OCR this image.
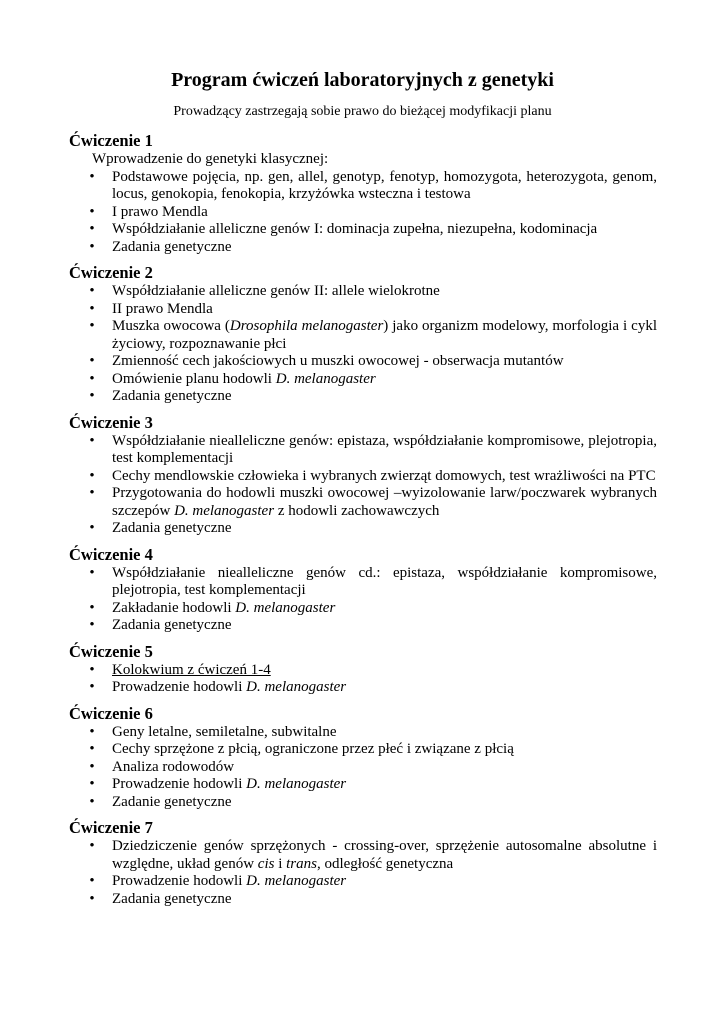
Program ćwiczeń laboratoryjnych z genetyki
Prowadzący zastrzegają sobie prawo do bieżącej modyfikacji planu
Ćwiczenie 1
Wprowadzenie do genetyki klasycznej:
• Podstawowe pojęcia, np. gen, allel, genotyp, fenotyp, homozygota, heterozygota, genom, locus, genokopia, fenokopia, krzyżówka wsteczna i testowa
• I prawo Mendla
• Współdziałanie alleliczne genów I: dominacja zupełna, niezupełna, kodominacja
• Zadania genetyczne
Ćwiczenie 2
• Współdziałanie alleliczne genów II: allele wielokrotne
• II prawo Mendla
• Muszka owocowa (Drosophila melanogaster) jako organizm modelowy, morfologia i cykl życiowy, rozpoznawanie płci
• Zmienność cech jakościowych u muszki owocowej - obserwacja mutantów
• Omówienie planu hodowli D. melanogaster
• Zadania genetyczne
Ćwiczenie 3
• Współdziałanie niealleliczne genów: epistaza, współdziałanie kompromisowe, plejotropia, test komplementacji
• Cechy mendlowskie człowieka i wybranych zwierząt domowych, test wrażliwości na PTC
• Przygotowania do hodowli muszki owocowej –wyizolowanie larw/poczwarek wybranych szczepów D. melanogaster z hodowli zachowawczych
• Zadania genetyczne
Ćwiczenie 4
• Współdziałanie niealleliczne genów cd.: epistaza, współdziałanie kompromisowe, plejotropia, test komplementacji
• Zakładanie hodowli D. melanogaster
• Zadania genetyczne
Ćwiczenie 5
• Kolokwium z ćwiczeń 1-4
• Prowadzenie hodowli D. melanogaster
Ćwiczenie 6
• Geny letalne, semiletalne, subwitalne
• Cechy sprzężone z płcią, ograniczone przez płeć i związane z płcią
• Analiza rodowodów
• Prowadzenie hodowli D. melanogaster
• Zadanie genetyczne
Ćwiczenie 7
• Dziedziczenie genów sprzężonych - crossing-over, sprzężenie autosomalne absolutne i względne, układ genów cis i trans, odległość genetyczna
• Prowadzenie hodowli D. melanogaster
• Zadania genetyczne
